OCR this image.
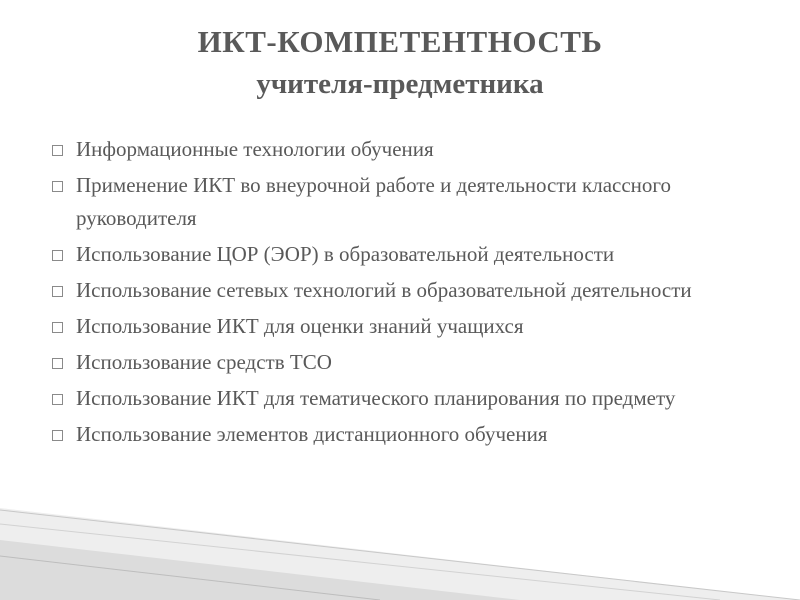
ИКТ-КОМПЕТЕНТНОСТЬ
учителя-предметника
Информационные технологии обучения
Применение ИКТ во внеурочной работе и деятельности классного руководителя
Использование ЦОР (ЭОР) в образовательной деятельности
Использование сетевых технологий в образовательной деятельности
Использование ИКТ для оценки знаний учащихся
Использование средств ТСО
Использование ИКТ для тематического планирования по предмету
Использование элементов дистанционного обучения
